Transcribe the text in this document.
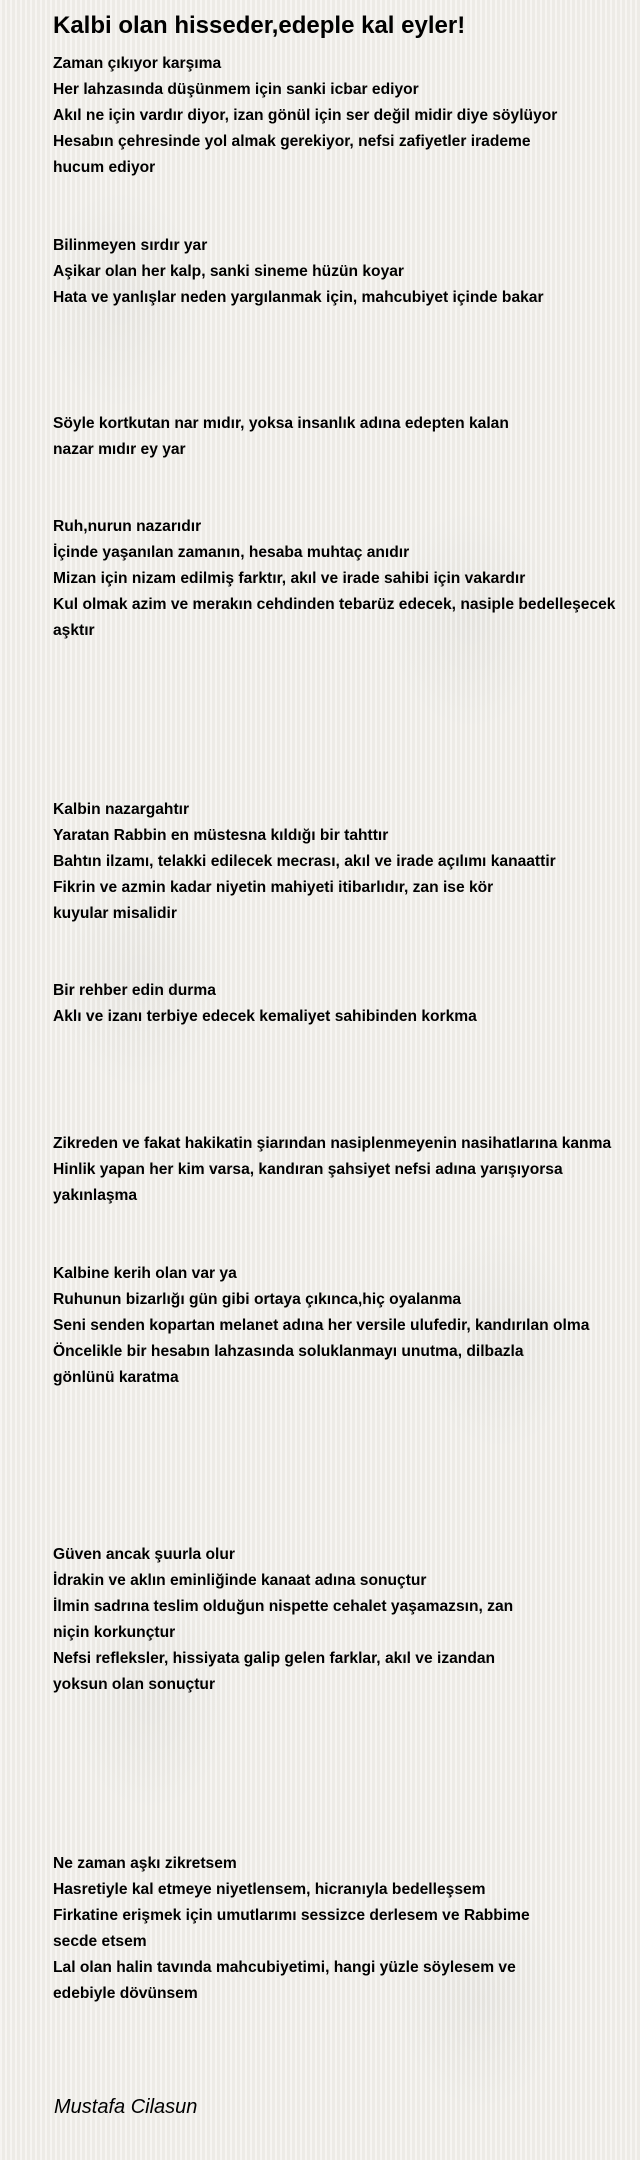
Kalbi olan hisseder,edeple kal eyler!
Zaman çıkıyor karşıma
Her lahzasında düşünmem için sanki icbar ediyor
Akıl ne için vardır diyor, izan gönül için ser değil midir diye söylüyor
Hesabın çehresinde yol almak gerekiyor, nefsi zafiyetler irademe
hucum ediyor
Bilinmeyen sırdır yar
Aşikar olan her kalp, sanki sineme hüzün koyar
Hata ve yanlışlar neden yargılanmak için, mahcubiyet içinde bakar
Söyle kortkutan nar mıdır, yoksa insanlık adına edepten kalan
nazar mıdır ey yar
Ruh,nurun nazarıdır
İçinde yaşanılan zamanın, hesaba muhtaç anıdır
Mizan için nizam edilmiş farktır, akıl ve irade sahibi için vakardır
Kul olmak azim ve merakın cehdinden tebarüz edecek, nasiple bedelleşecek
aşktır
Kalbin nazargahtır
Yaratan Rabbin en müstesna kıldığı bir tahttır
Bahtın ilzamı, telakki edilecek mecrası, akıl ve irade açılımı kanaattir
Fikrin ve azmin kadar niyetin mahiyeti itibarlıdır, zan ise kör
kuyular misalidir
Bir rehber edin durma
Aklı ve izanı terbiye edecek kemaliyet sahibinden korkma
Zikreden ve fakat hakikatin şiarından nasiplenmeyenin nasihatlarına kanma
Hinlik yapan her kim varsa, kandıran şahsiyet nefsi adına yarışıyorsa
yakınlaşma
Kalbine kerih olan var ya
Ruhunun bizarlığı gün gibi ortaya çıkınca,hiç oyalanma
Seni senden kopartan melanet adına her versile ulufedir, kandırılan olma
Öncelikle bir hesabın lahzasında soluklanmayı unutma, dilbazla
gönlünü karatma
Güven ancak şuurla olur
İdrakin ve aklın eminliğinde kanaat adına sonuçtur
İlmin sadrına teslim olduğun nispette cehalet yaşamazsın, zan
niçin korkunçtur
Nefsi refleksler, hissiyata galip gelen farklar, akıl ve izandan
yoksun olan sonuçtur
Ne zaman aşkı zikretsem
Hasretiyle kal etmeye niyetlensem, hicranıyla bedelleşsem
Firkatine erişmek için umutlarımı sessizce derlesem ve Rabbime
secde etsem
Lal olan halin tavında mahcubiyetimi, hangi yüzle söylesem ve
edebiyle dövünsem
Mustafa Cilasun
